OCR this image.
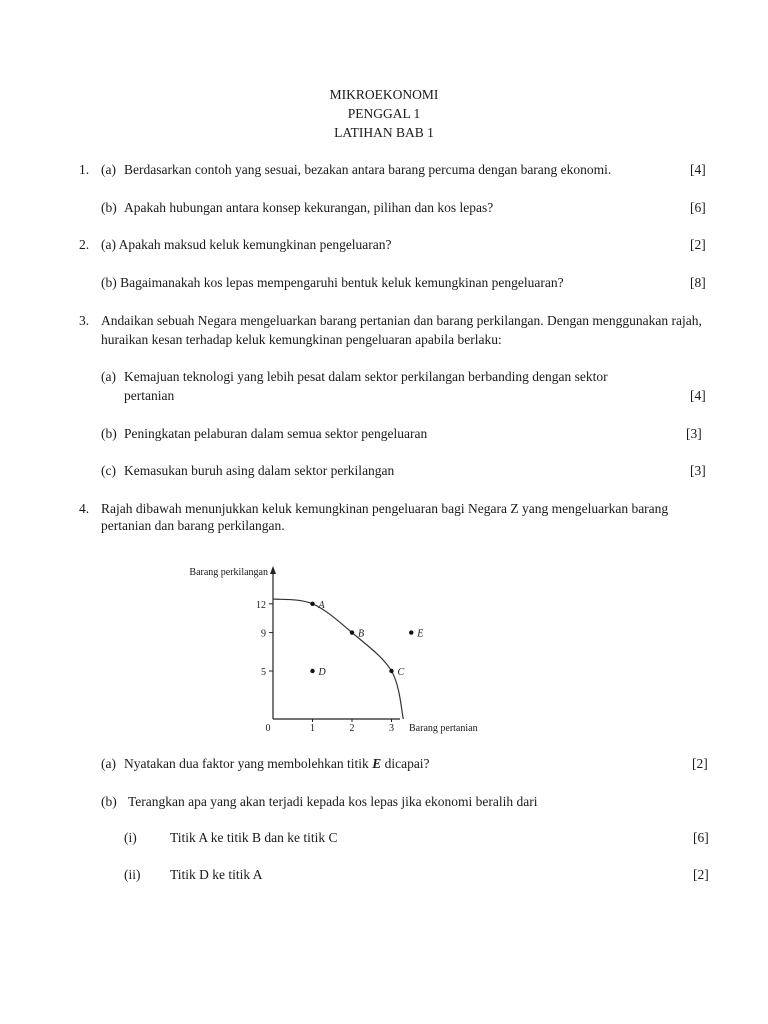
MIKROEKONOMI
PENGGAL 1
LATIHAN BAB 1
1. (a) Berdasarkan contoh yang sesuai, bezakan antara barang percuma dengan barang ekonomi.	[4]
(b) Apakah hubungan antara konsep kekurangan, pilihan dan kos lepas?	[6]
2. (a) Apakah maksud keluk kemungkinan pengeluaran?	[2]
(b) Bagaimanakah kos lepas mempengaruhi bentuk keluk kemungkinan pengeluaran?	[8]
3. Andaikan sebuah Negara mengeluarkan barang pertanian dan barang perkilangan. Dengan menggunakan rajah,
huraikan kesan terhadap keluk kemungkinan pengeluaran apabila berlaku:
(a) Kemajuan teknologi yang lebih pesat dalam sektor perkilangan berbanding dengan sektor
pertanian	[4]
(b) Peningkatan pelaburan dalam semua sektor pengeluaran	[3]
(c) Kemasukan buruh asing dalam sektor perkilangan	[3]
4. Rajah dibawah menunjukkan keluk kemungkinan pengeluaran bagi Negara Z yang mengeluarkan barang
pertanian dan barang perkilangan.
Barang perkilangan
Barang pertanian
0	1	2	3
12
9
5
A
B
C
D
E
(a) Nyatakan dua faktor yang membolehkan titik E dicapai?	[2]
(b) Terangkan apa yang akan terjadi kepada kos lepas jika ekonomi beralih dari
(i) Titik A ke titik B dan ke titik C	[6]
(ii) Titik D ke titik A	[2]
